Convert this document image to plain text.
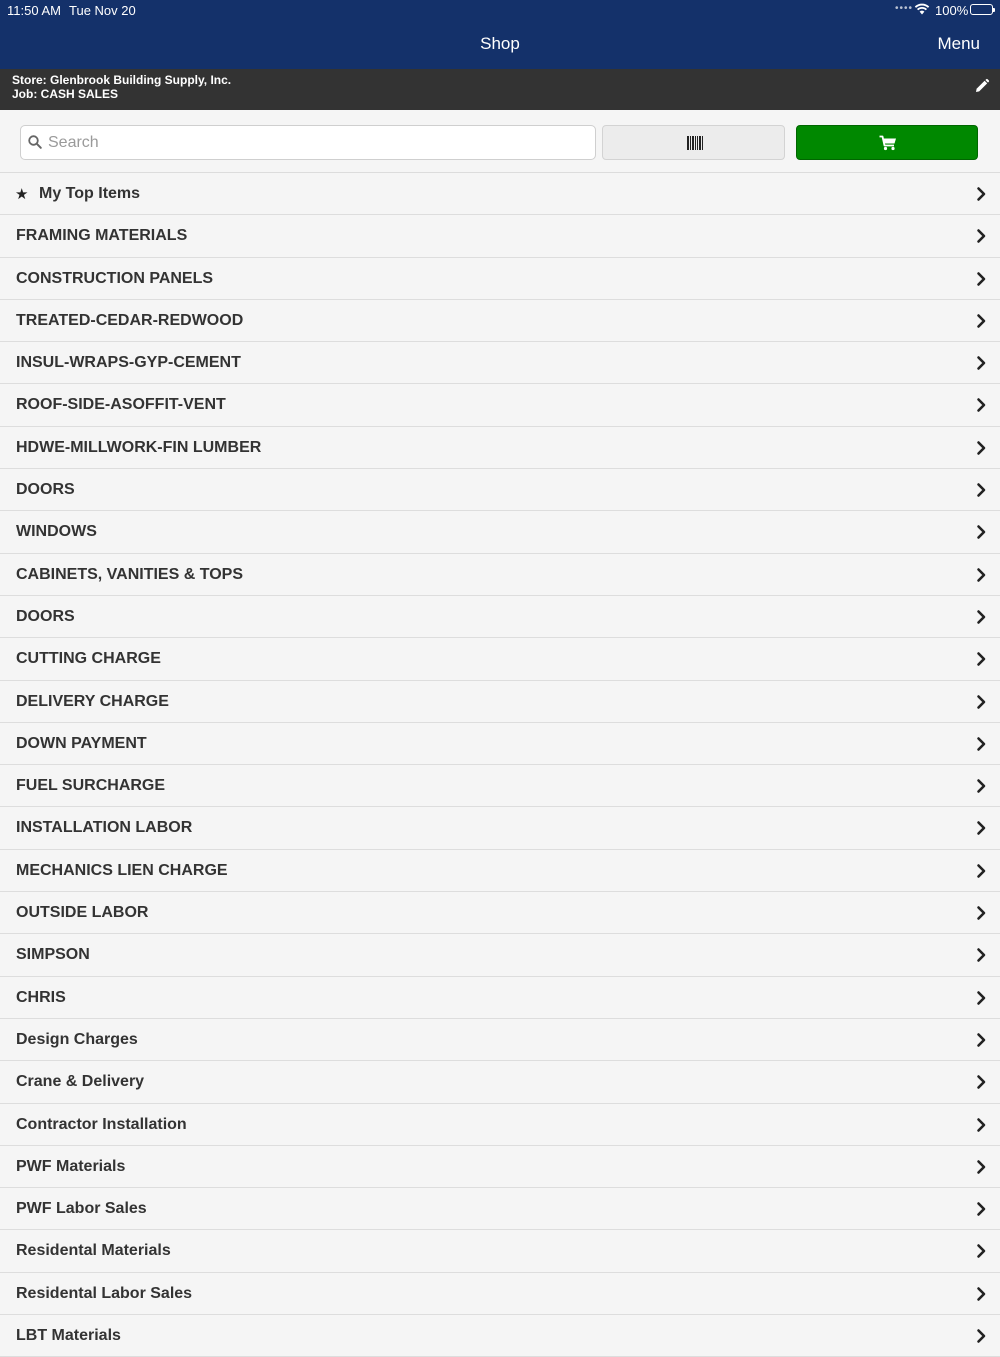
11:50 AM Tue Nov 20	•••• 100%
Shop	Menu
Store: Glenbrook Building Supply, Inc.
Job: CASH SALES
Search
★ My Top Items
FRAMING MATERIALS
CONSTRUCTION PANELS
TREATED-CEDAR-REDWOOD
INSUL-WRAPS-GYP-CEMENT
ROOF-SIDE-ASOFFIT-VENT
HDWE-MILLWORK-FIN LUMBER
DOORS
WINDOWS
CABINETS, VANITIES & TOPS
DOORS
CUTTING CHARGE
DELIVERY CHARGE
DOWN PAYMENT
FUEL SURCHARGE
INSTALLATION LABOR
MECHANICS LIEN CHARGE
OUTSIDE LABOR
SIMPSON
CHRIS
Design Charges
Crane & Delivery
Contractor Installation
PWF Materials
PWF Labor Sales
Residental Materials
Residental Labor Sales
LBT Materials
